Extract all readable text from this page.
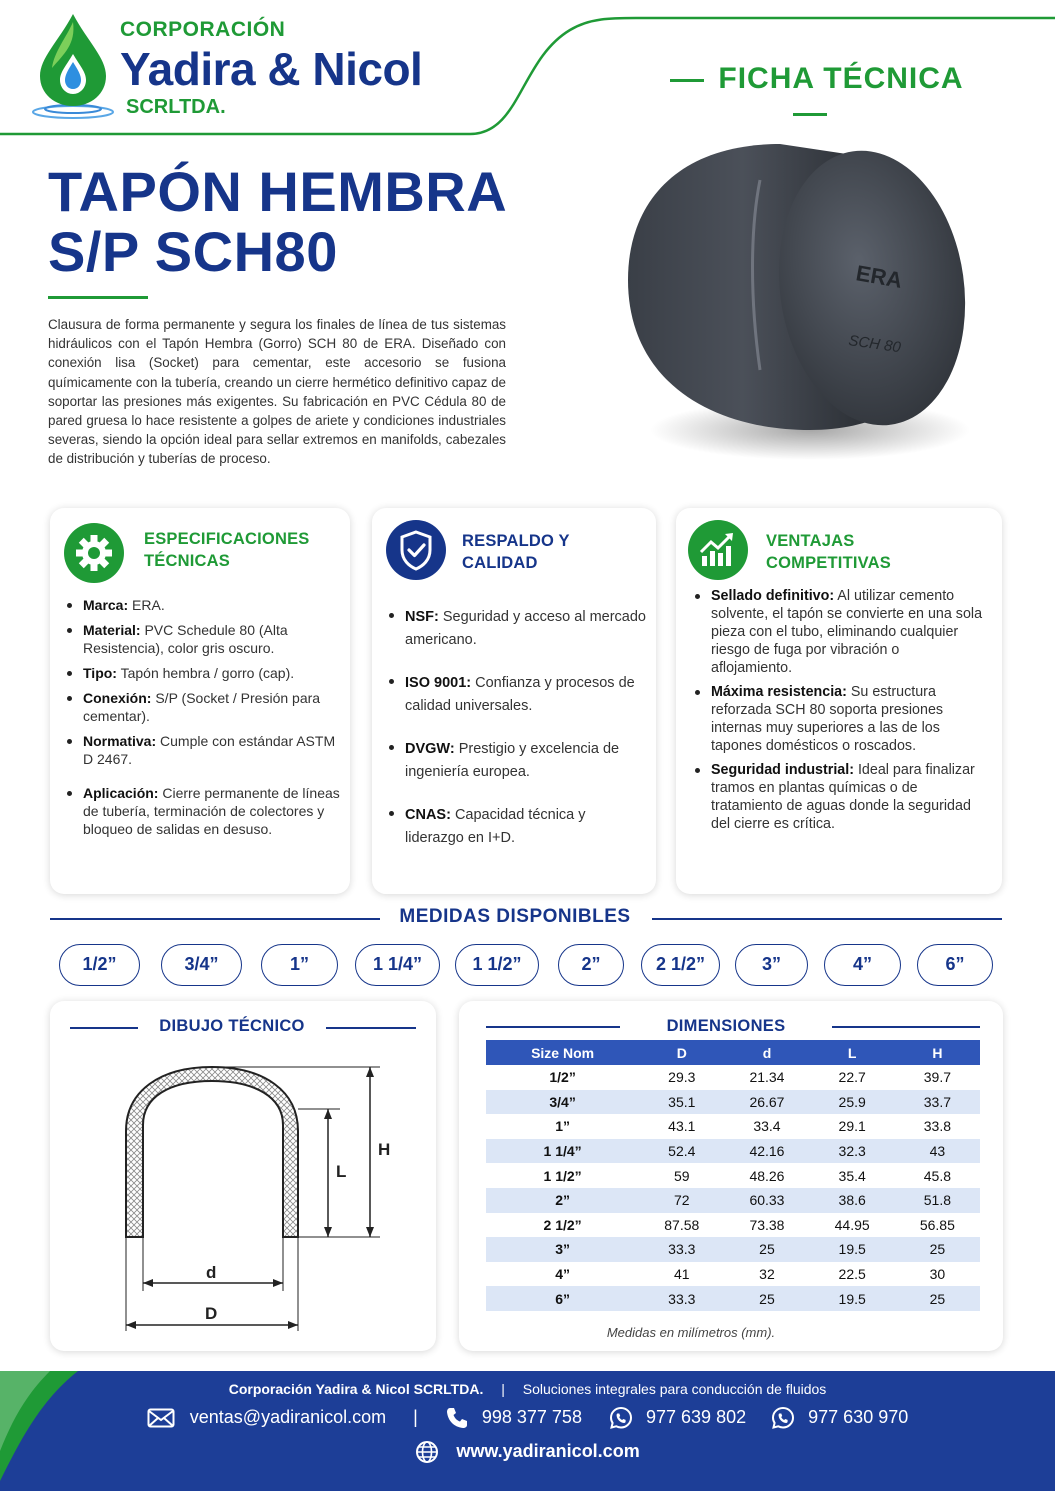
CORPORACIÓN
Yadira & Nicol
SCRLTDA.
FICHA TÉCNICA
TAPÓN HEMBRA
S/P SCH80
Clausura de forma permanente y segura los finales de línea de tus sistemas hidráulicos con el Tapón Hembra (Gorro) SCH 80 de ERA. Diseñado con conexión lisa (Socket) para cementar, este accesorio se fusiona químicamente con la tubería, creando un cierre hermético definitivo capaz de soportar las presiones más exigentes. Su fabricación en PVC Cédula 80 de pared gruesa lo hace resistente a golpes de ariete y condiciones industriales severas, siendo la opción ideal para sellar extremos en manifolds, cabezales de distribución y tuberías de proceso.
ERA
SCH 80
ESPECIFICACIONES TÉCNICAS
Marca: ERA.
Material: PVC Schedule 80 (Alta Resistencia), color gris oscuro.
Tipo: Tapón hembra / gorro (cap).
Conexión: S/P (Socket / Presión para cementar).
Normativa: Cumple con estándar ASTM D 2467.
Aplicación: Cierre permanente de líneas de tubería, terminación de colectores y bloqueo de salidas en desuso.
RESPALDO Y CALIDAD
NSF: Seguridad y acceso al mercado americano.
ISO 9001: Confianza y procesos de calidad universales.
DVGW: Prestigio y excelencia de ingeniería europea.
CNAS: Capacidad técnica y liderazgo en I+D.
VENTAJAS COMPETITIVAS
Sellado definitivo: Al utilizar cemento solvente, el tapón se convierte en una sola pieza con el tubo, eliminando cualquier riesgo de fuga por vibración o aflojamiento.
Máxima resistencia: Su estructura reforzada SCH 80 soporta presiones internas muy superiores a las de los tapones domésticos o roscados.
Seguridad industrial: Ideal para finalizar tramos en plantas químicas o de tratamiento de aguas donde la seguridad del cierre es crítica.
MEDIDAS DISPONIBLES
1/2”	3/4”	1”	1 1/4”	1 1/2”	2”	2 1/2”	3”	4”	6”
DIBUJO TÉCNICO
H
L
d
D
DIMENSIONES
Size Nom	D	d	L	H
1/2”	29.3	21.34	22.7	39.7
3/4”	35.1	26.67	25.9	33.7
1”	43.1	33.4	29.1	33.8
1 1/4”	52.4	42.16	32.3	43
1 1/2”	59	48.26	35.4	45.8
2”	72	60.33	38.6	51.8
2 1/2”	87.58	73.38	44.95	56.85
3”	33.3	25	19.5	25
4”	41	32	22.5	30
6”	33.3	25	19.5	25
Medidas en milímetros (mm).
Corporación Yadira & Nicol SCRLTDA. | Soluciones integrales para conducción de fluidos
ventas@yadiranicol.com |	998 377 758	977 639 802	977 630 970
www.yadiranicol.com
